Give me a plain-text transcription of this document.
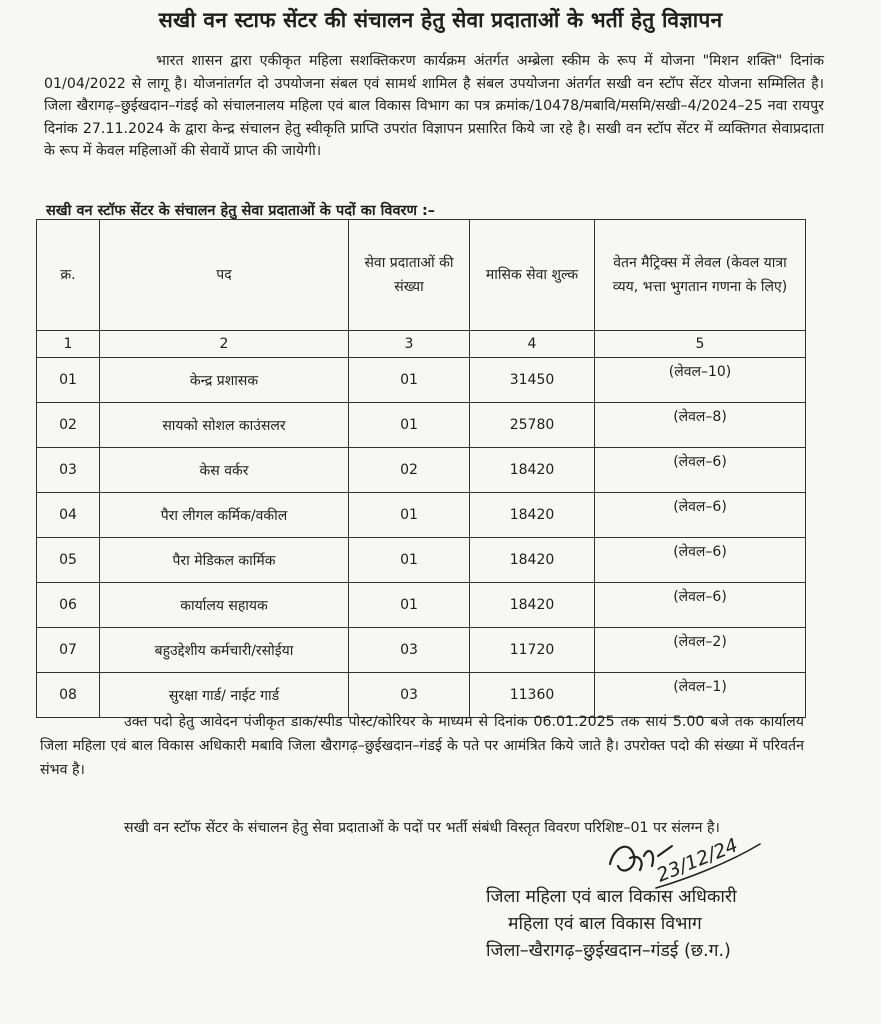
सखी वन स्टाफ सेंटर की संचालन हेतु सेवा प्रदाताओं के भर्ती हेतु विज्ञापन
भारत शासन द्वारा एकीकृत महिला सशक्तिकरण कार्यक्रम अंतर्गत अम्ब्रेला स्कीम के रूप में योजना "मिशन शक्ति" दिनांक 01/04/2022 से लागू है। योजनांतर्गत दो उपयोजना संबल एवं सामर्थ शामिल है संबल उपयोजना अंतर्गत सखी वन स्टॉप सेंटर योजना सम्मिलित है। जिला खैरागढ़–छुईखदान–गंडई को संचालनालय महिला एवं बाल विकास विभाग का पत्र क्रमांक/10478/मबावि/मसमि/सखी–4/2024–25 नवा रायपुर दिनांक 27.11.2024 के द्वारा केन्द्र संचालन हेतु स्वीकृति प्राप्ति उपरांत विज्ञापन प्रसारित किये जा रहे है। सखी वन स्टॉप सेंटर में व्यक्तिगत सेवाप्रदाता के रूप में केवल महिलाओं की सेवायें प्राप्त की जायेगी।
सखी वन स्टॉफ सेंटर के संचालन हेतु सेवा प्रदाताओं के पदों का विवरण :–
क्र.	पद	सेवा प्रदाताओं की संख्या	मासिक सेवा शुल्क	वेतन मैट्रिक्स में लेवल (केवल यात्रा व्यय, भत्ता भुगतान गणना के लिए)
1	2	3	4	5
01	केन्द्र प्रशासक	01	31450	(लेवल–10)
02	सायको सोशल काउंसलर	01	25780	(लेवल–8)
03	केस वर्कर	02	18420	(लेवल–6)
04	पैरा लीगल कर्मिक/वकील	01	18420	(लेवल–6)
05	पैरा मेडिकल कार्मिक	01	18420	(लेवल–6)
06	कार्यालय सहायक	01	18420	(लेवल–6)
07	बहुउद्देशीय कर्मचारी/रसोईया	03	11720	(लेवल–2)
08	सुरक्षा गार्ड/ नाईट गार्ड	03	11360	(लेवल–1)
उक्त पदो हेतु आवेदन पंजीकृत डाक/स्पीड पोस्ट/कोरियर के माध्यम से दिनांक 06.01.2025 तक सायं 5.00 बजे तक कार्यालय जिला महिला एवं बाल विकास अधिकारी मबावि जिला खैरागढ़–छुईखदान–गंडई के पते पर आमंत्रित किये जाते है। उपरोक्त पदो की संख्या में परिवर्तन संभव है।
सखी वन स्टॉफ सेंटर के संचालन हेतु सेवा प्रदाताओं के पदों पर भर्ती संबंधी विस्तृत विवरण परिशिष्ट–01 पर संलग्न है।
23/12/24
जिला महिला एवं बाल विकास अधिकारी
महिला एवं बाल विकास विभाग
जिला–खैरागढ़–छुईखदान–गंडई (छ.ग.)
